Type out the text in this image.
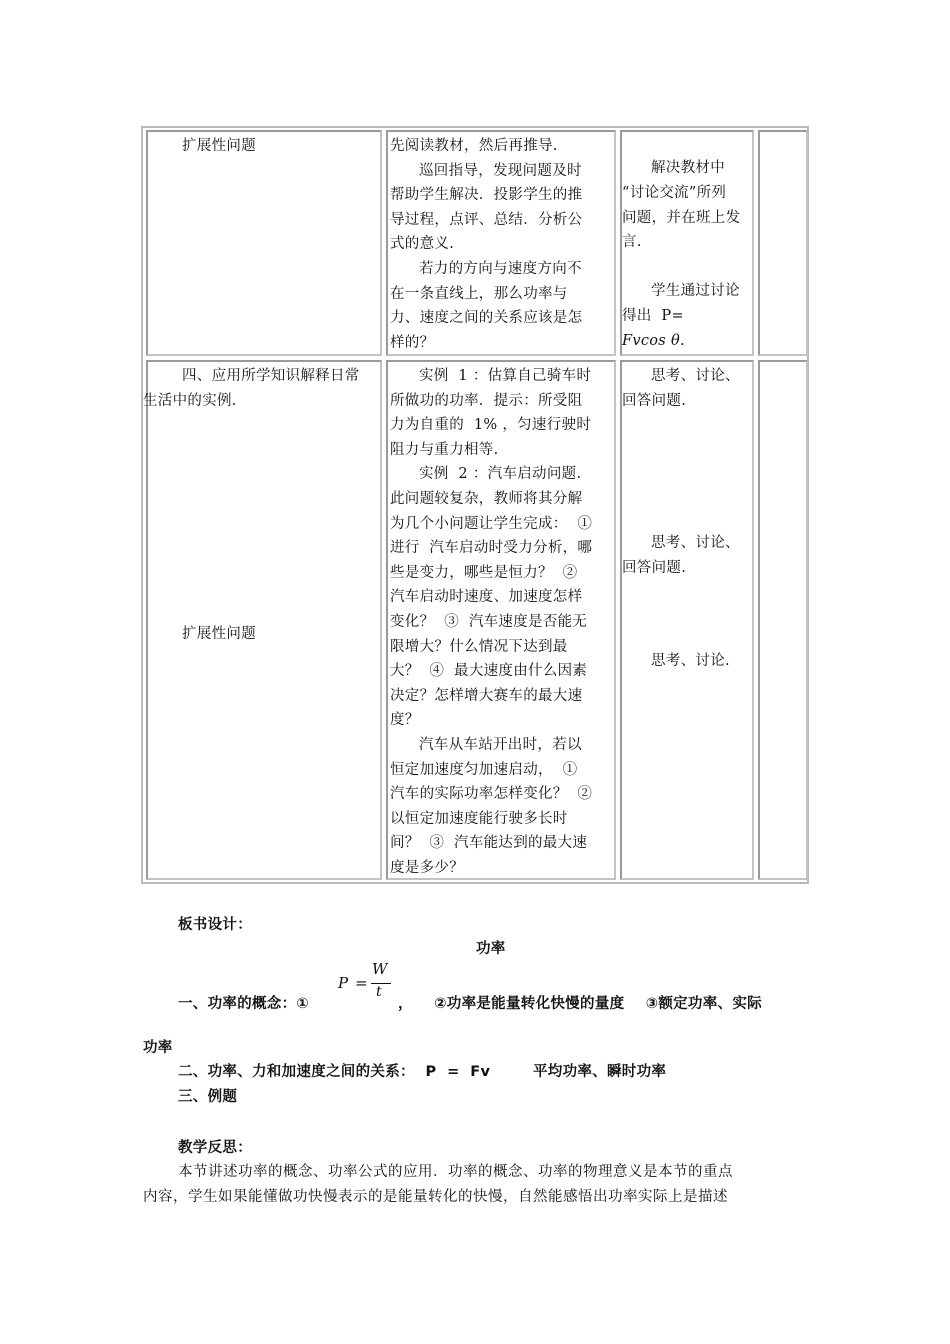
扩展性问题	先阅读教材，然后再推导.
巡回指导，发现问题及时
帮助学生解决．投影学生的推
导过程，点评、总结．分析公
式的意义.
若力的方向与速度方向不
在一条直线上，那么功率与
力、速度之间的关系应该是怎
样的？
解决教材中
“讨论交流”所列
问题，并在班上发
言.
学生通过讨论
得出  P=
Fvcos θ.
四、应用所学知识解释日常
生活中的实例.
扩展性问题
实例  1 ：估算自己骑车时
所做功的功率．提示：所受阻
力为自重的  1% ，匀速行驶时
阻力与重力相等.
实例  2 ：汽车启动问题.
此问题较复杂，教师将其分解
为几个小问题让学生完成：  ①
进行  汽车启动时受力分析，哪
些是变力，哪些是恒力？  ②
汽车启动时速度、加速度怎样
变化？  ③  汽车速度是否能无
限增大？什么情况下达到最
大？  ④  最大速度由什么因素
决定？怎样增大赛车的最大速
度？
汽车从车站开出时，若以
恒定加速度匀加速启动，  ①
汽车的实际功率怎样变化？  ②
以恒定加速度能行驶多长时
间？  ③  汽车能达到的最大速
度是多少？
思考、讨论、
回答问题.
思考、讨论、
回答问题.
思考、讨论.
板书设计：
功率
一、功率的概念：①
P =
W
t
，    ②功率是能量转化快慢的量度    ③额定功率、实际
功率
二、功率、力和加速度之间的关系：  P  =  Fv        平均功率、瞬时功率
三、例题
教学反思：
本节讲述功率的概念、功率公式的应用．功率的概念、功率的物理意义是本节的重点
内容，学生如果能懂做功快慢表示的是能量转化的快慢，自然能感悟出功率实际上是描述
